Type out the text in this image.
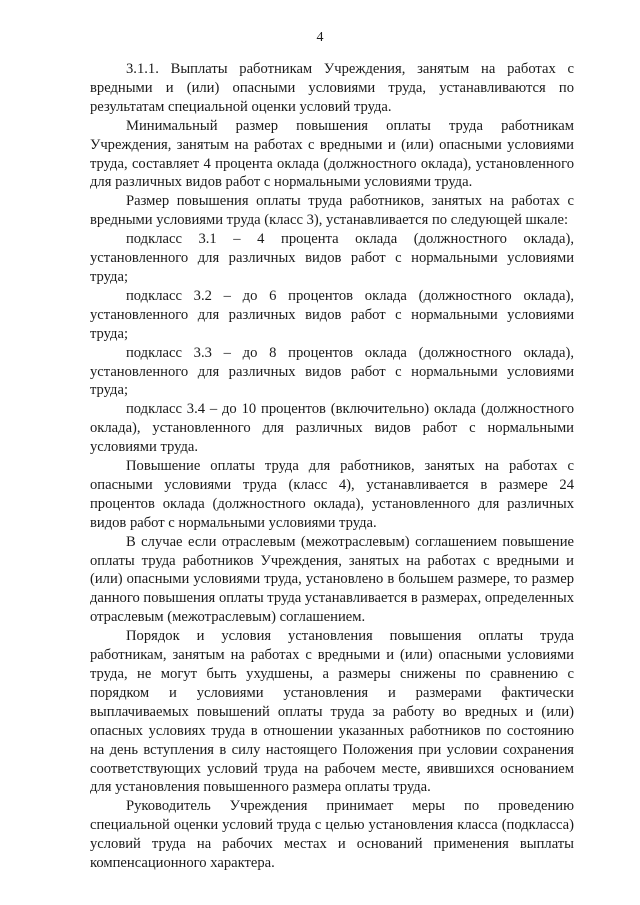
4

3.1.1. Выплаты работникам Учреждения, занятым на работах с вредными и (или) опасными условиями труда, устанавливаются по результатам специальной оценки условий труда.

Минимальный размер повышения оплаты труда работникам Учреждения, занятым на работах с вредными и (или) опасными условиями труда, составляет 4 процента оклада (должностного оклада), установленного для различных видов работ с нормальными условиями труда.

Размер повышения оплаты труда работников, занятых на работах с вредными условиями труда (класс 3), устанавливается по следующей шкале:

подкласс 3.1 – 4 процента оклада (должностного оклада), установленного для различных видов работ с нормальными условиями труда;

подкласс 3.2 – до 6 процентов оклада (должностного оклада), установленного для различных видов работ с нормальными условиями труда;

подкласс 3.3 – до 8 процентов оклада (должностного оклада), установленного для различных видов работ с нормальными условиями труда;

подкласс 3.4 – до 10 процентов (включительно) оклада (должностного оклада), установленного для различных видов работ с нормальными условиями труда.

Повышение оплаты труда для работников, занятых на работах с опасными условиями труда (класс 4), устанавливается в размере 24 процентов оклада (должностного оклада), установленного для различных видов работ с нормальными условиями труда.

В случае если отраслевым (межотраслевым) соглашением повышение оплаты труда работников Учреждения, занятых на работах с вредными и (или) опасными условиями труда, установлено в большем размере, то размер данного повышения оплаты труда устанавливается в размерах, определенных отраслевым (межотраслевым) соглашением.

Порядок и условия установления повышения оплаты труда работникам, занятым на работах с вредными и (или) опасными условиями труда, не могут быть ухудшены, а размеры снижены по сравнению с порядком и условиями установления и размерами фактически выплачиваемых повышений оплаты труда за работу во вредных и (или) опасных условиях труда в отношении указанных работников по состоянию на день вступления в силу настоящего Положения при условии сохранения соответствующих условий труда на рабочем месте, явившихся основанием для установления повышенного размера оплаты труда.

Руководитель Учреждения принимает меры по проведению специальной оценки условий труда с целью установления класса (подкласса) условий труда на рабочих местах и оснований применения выплаты компенсационного характера.
